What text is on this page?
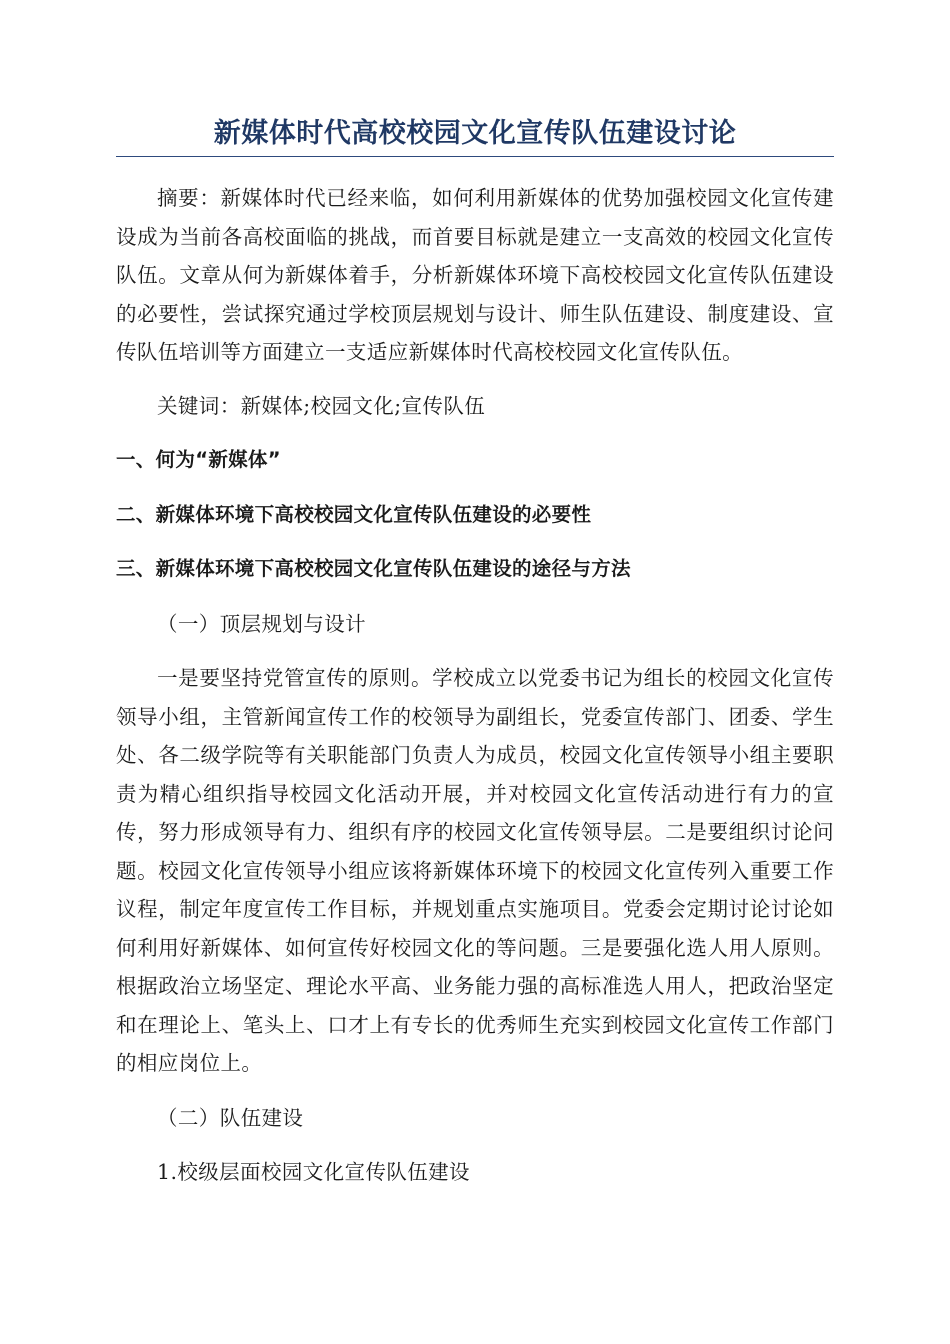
新媒体时代高校校园文化宣传队伍建设讨论

摘要：新媒体时代已经来临，如何利用新媒体的优势加强校园文化宣传建设成为当前各高校面临的挑战，而首要目标就是建立一支高效的校园文化宣传队伍。文章从何为新媒体着手，分析新媒体环境下高校校园文化宣传队伍建设的必要性，尝试探究通过学校顶层规划与设计、师生队伍建设、制度建设、宣传队伍培训等方面建立一支适应新媒体时代高校校园文化宣传队伍。

关键词：新媒体;校园文化;宣传队伍

一、何为“新媒体”
二、新媒体环境下高校校园文化宣传队伍建设的必要性
三、新媒体环境下高校校园文化宣传队伍建设的途径与方法

（一）顶层规划与设计

一是要坚持党管宣传的原则。学校成立以党委书记为组长的校园文化宣传领导小组，主管新闻宣传工作的校领导为副组长，党委宣传部门、团委、学生处、各二级学院等有关职能部门负责人为成员，校园文化宣传领导小组主要职责为精心组织指导校园文化活动开展，并对校园文化宣传活动进行有力的宣传，努力形成领导有力、组织有序的校园文化宣传领导层。二是要组织讨论问题。校园文化宣传领导小组应该将新媒体环境下的校园文化宣传列入重要工作议程，制定年度宣传工作目标，并规划重点实施项目。党委会定期讨论讨论如何利用好新媒体、如何宣传好校园文化的等问题。三是要强化选人用人原则。根据政治立场坚定、理论水平高、业务能力强的高标准选人用人，把政治坚定和在理论上、笔头上、口才上有专长的优秀师生充实到校园文化宣传工作部门的相应岗位上。

（二）队伍建设

1.校级层面校园文化宣传队伍建设
